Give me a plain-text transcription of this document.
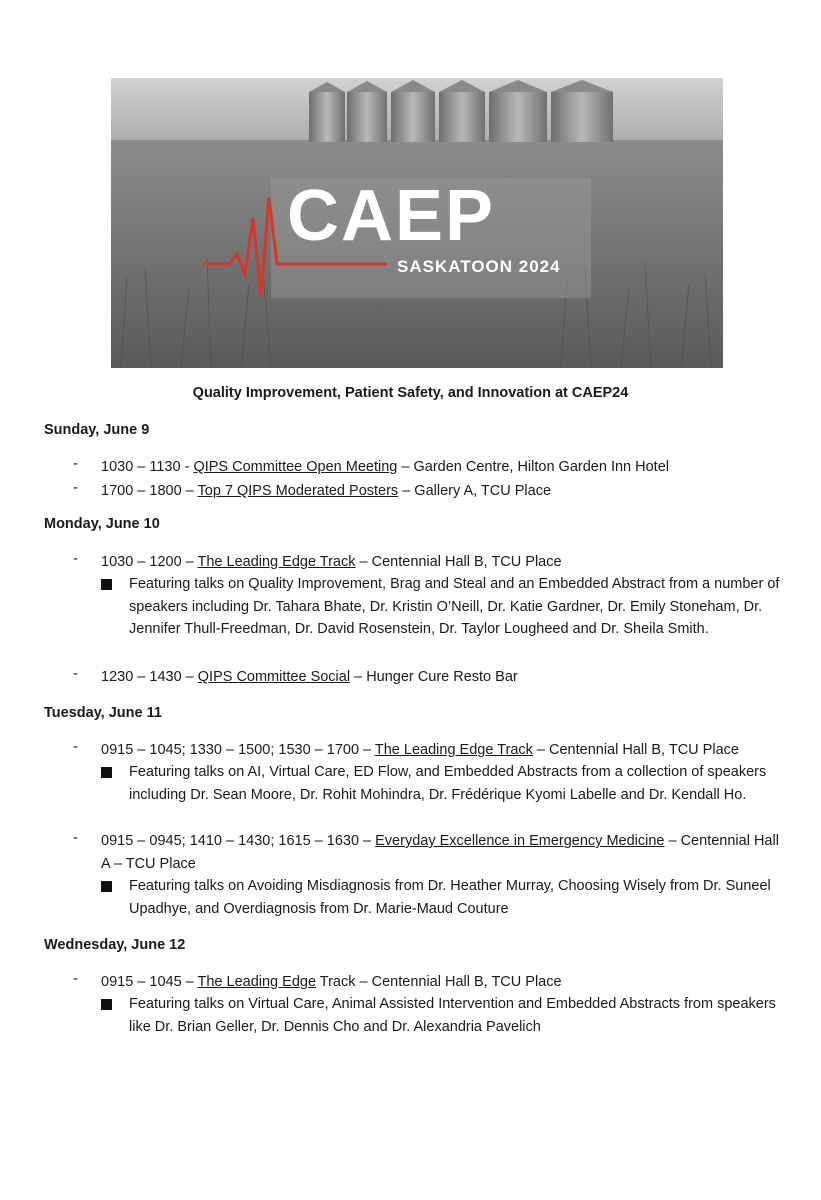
CAEP
SASKATOON 2024
Quality Improvement, Patient Safety, and Innovation at CAEP24
Sunday, June 9
- 1030 – 1130 - QIPS Committee Open Meeting – Garden Centre, Hilton Garden Inn Hotel
- 1700 – 1800 – Top 7 QIPS Moderated Posters – Gallery A, TCU Place
Monday, June 10
- 1030 – 1200 – The Leading Edge Track – Centennial Hall B, TCU Place
Featuring talks on Quality Improvement, Brag and Steal and an Embedded Abstract from a number of speakers including Dr. Tahara Bhate, Dr. Kristin O’Neill, Dr. Katie Gardner, Dr. Emily Stoneham, Dr. Jennifer Thull-Freedman, Dr. David Rosenstein, Dr. Taylor Lougheed and Dr. Sheila Smith.
- 1230 – 1430 – QIPS Committee Social – Hunger Cure Resto Bar
Tuesday, June 11
- 0915 – 1045; 1330 – 1500; 1530 – 1700 – The Leading Edge Track – Centennial Hall B, TCU Place
Featuring talks on AI, Virtual Care, ED Flow, and Embedded Abstracts from a collection of speakers including Dr. Sean Moore, Dr. Rohit Mohindra, Dr. Frédérique Kyomi Labelle and Dr. Kendall Ho.
- 0915 – 0945; 1410 – 1430; 1615 – 1630 – Everyday Excellence in Emergency Medicine – Centennial Hall A – TCU Place
Featuring talks on Avoiding Misdiagnosis from Dr. Heather Murray, Choosing Wisely from Dr. Suneel Upadhye, and Overdiagnosis from Dr. Marie-Maud Couture
Wednesday, June 12
- 0915 – 1045 – The Leading Edge Track – Centennial Hall B, TCU Place
Featuring talks on Virtual Care, Animal Assisted Intervention and Embedded Abstracts from speakers like Dr. Brian Geller, Dr. Dennis Cho and Dr. Alexandria Pavelich
